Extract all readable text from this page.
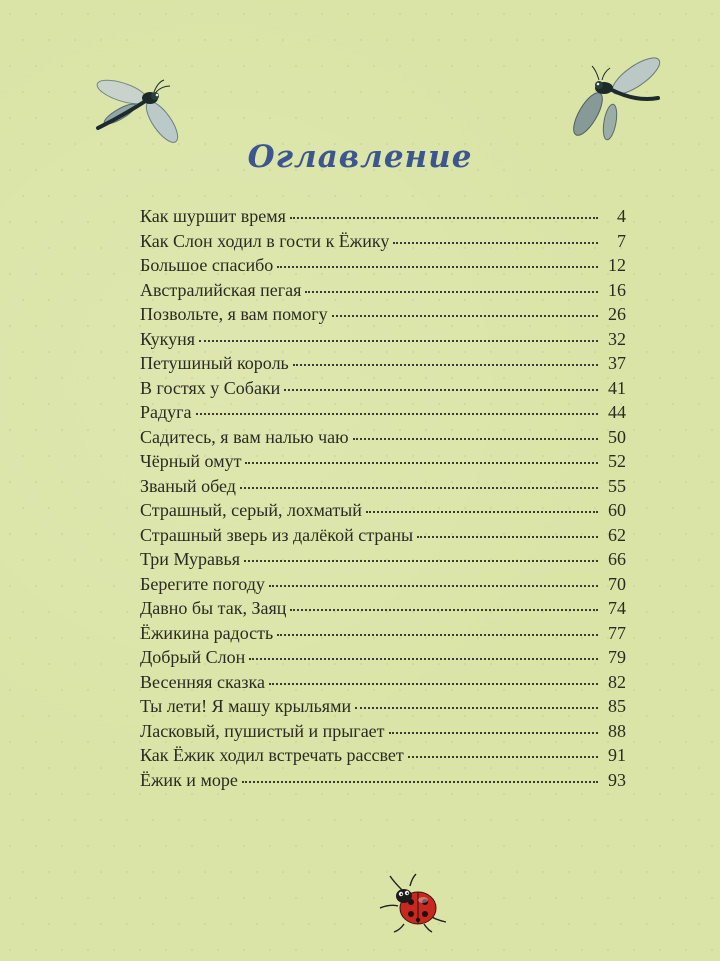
Оглавление
Как шуршит время	4
Как Слон ходил в гости к Ёжику	7
Большое спасибо	12
Австралийская пегая	16
Позвольте, я вам помогу	26
Кукуня	32
Петушиный король	37
В гостях у Собаки	41
Радуга	44
Садитесь, я вам налью чаю	50
Чёрный омут	52
Званый обед	55
Страшный, серый, лохматый	60
Страшный зверь из далёкой страны	62
Три Муравья	66
Берегите погоду	70
Давно бы так, Заяц	74
Ёжикина радость	77
Добрый Слон	79
Весенняя сказка	82
Ты лети! Я машу крыльями	85
Ласковый, пушистый и прыгает	88
Как Ёжик ходил встречать рассвет	91
Ёжик и море	93
